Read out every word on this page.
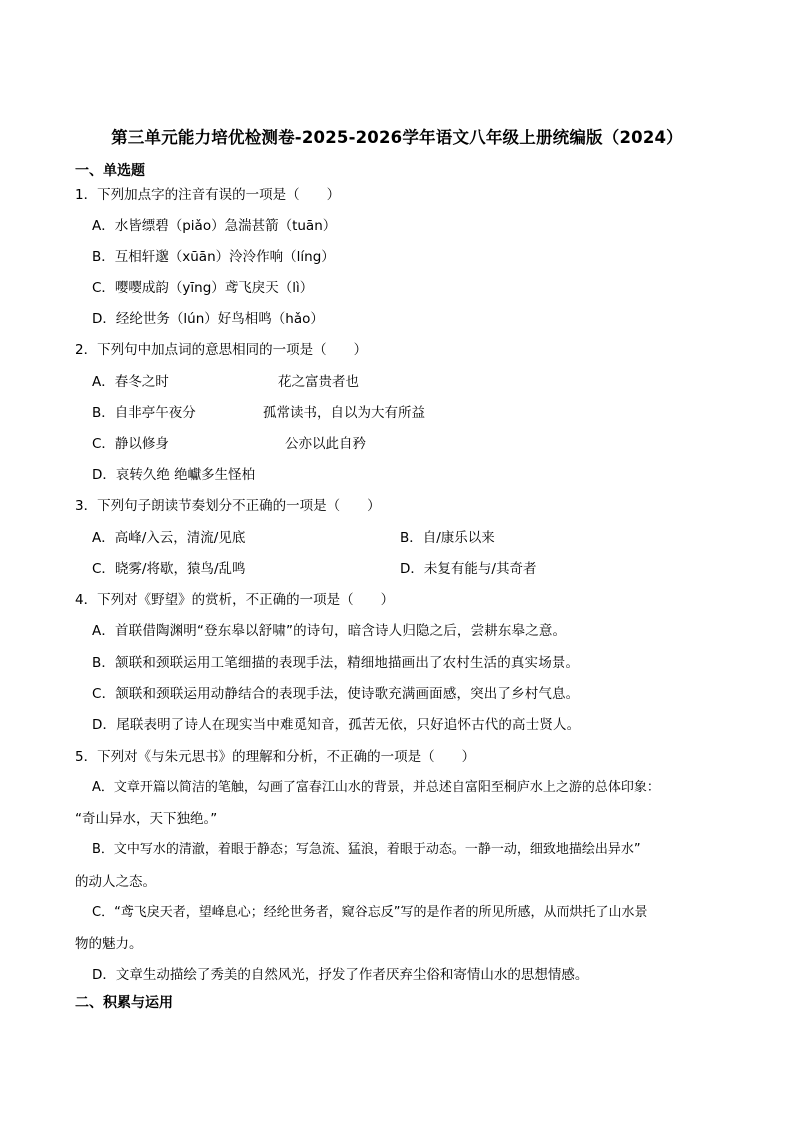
第三单元能力培优检测卷-2025-2026学年语文八年级上册统编版（2024）
一、单选题
1．下列加点字的注音有误的一项是（　　）
A．水皆缥碧（piǎo）急湍甚箭（tuān）
B．互相轩邈（xūān）泠泠作响（líng）
C．嘤嘤成韵（yīng）鸢飞戾天（lì）
D．经纶世务（lún）好鸟相鸣（hǎo）
2．下列句中加点词的意思相同的一项是（　　）
A．春冬之时	花之富贵者也
B．自非亭午夜分	孤常读书，自以为大有所益
C．静以修身	公亦以此自矜
D．哀转久绝 绝巘多生怪柏
3．下列句子朗读节奏划分不正确的一项是（　　）
A．高峰/入云，清流/见底	B．自/康乐以来
C．晓雾/将歇，猿鸟/乱鸣	D．未复有能与/其奇者
4．下列对《野望》的赏析，不正确的一项是（　　）
A．首联借陶渊明“登东皋以舒啸”的诗句，暗含诗人归隐之后，尝耕东皋之意。
B．颔联和颈联运用工笔细描的表现手法，精细地描画出了农村生活的真实场景。
C．颔联和颈联运用动静结合的表现手法，使诗歌充满画面感，突出了乡村气息。
D．尾联表明了诗人在现实当中难觅知音，孤苦无依，只好追怀古代的高士贤人。
5．下列对《与朱元思书》的理解和分析，不正确的一项是（　　）
A．文章开篇以简洁的笔触，勾画了富春江山水的背景，并总述自富阳至桐庐水上之游的总体印象：
“奇山异水，天下独绝。”
B．文中写水的清澈，着眼于静态；写急流、猛浪，着眼于动态。一静一动，细致地描绘出异水”
的动人之态。
C．“鸢飞戾天者，望峰息心；经纶世务者，窥谷忘反”写的是作者的所见所感，从而烘托了山水景
物的魅力。
D．文章生动描绘了秀美的自然风光，抒发了作者厌弃尘俗和寄情山水的思想情感。
二、积累与运用
